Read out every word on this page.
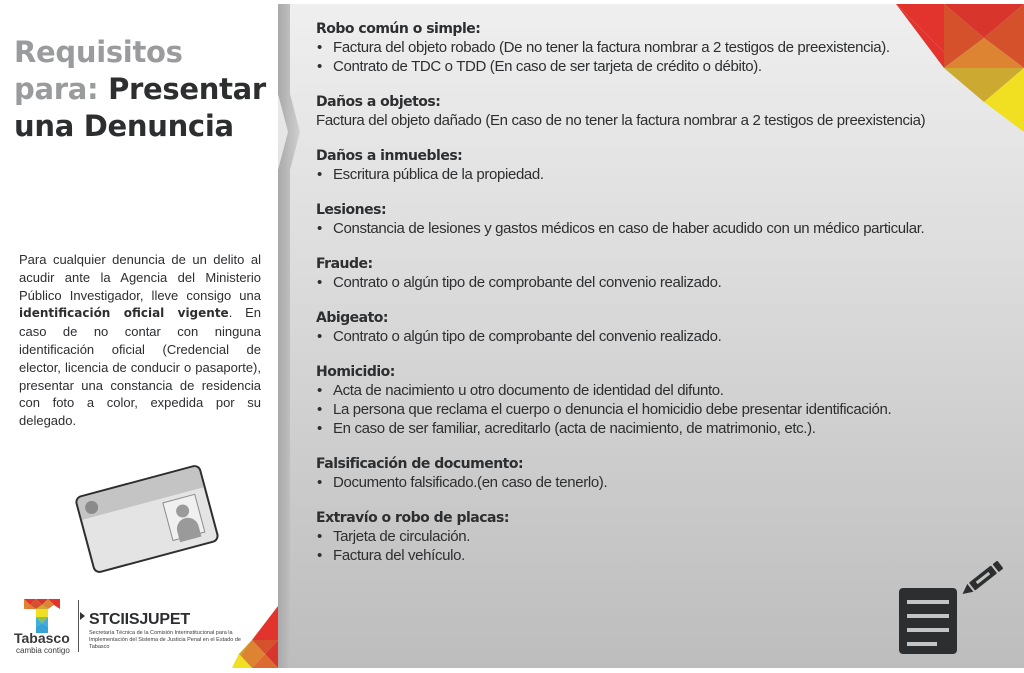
Requisitos
para: Presentar
una Denuncia
Para cualquier denuncia de un delito al acudir ante la Agencia del Ministerio Público Investigador, lleve consigo una identificación oficial vigente. En caso de no contar con ninguna identificación oficial (Credencial de elector, licencia de conducir o pasaporte), presentar una constancia de residencia con foto a color, expedida por su delegado.
Tabasco
cambia contigo
STCIISJUPET
Secretaría Técnica de la Comisión Interinstitucional para la Implementación del Sistema de Justicia Penal en el Estado de Tabasco
Robo común o simple:
• Factura del objeto robado (De no tener la factura nombrar a 2 testigos de preexistencia).
• Contrato de TDC o TDD (En caso de ser tarjeta de crédito o débito).
Daños a objetos:

Factura del objeto dañado (En caso de no tener la factura nombrar a 2 testigos de preexistencia)

Daños a inmuebles:
• Escritura pública de la propiedad.
Lesiones:
• Constancia de lesiones y gastos médicos en caso de haber acudido con un médico particular.
Fraude:
• Contrato o algún tipo de comprobante del convenio realizado.
Abigeato:
• Contrato o algún tipo de comprobante del convenio realizado.
Homicidio:
• Acta de nacimiento u otro documento de identidad del difunto.
• La persona que reclama el cuerpo o denuncia el homicidio debe presentar identificación.
• En caso de ser familiar, acreditarlo (acta de nacimiento, de matrimonio, etc.).
Falsificación de documento:
• Documento falsificado.(en caso de tenerlo).
Extravío o robo de placas:
• Tarjeta de circulación.
• Factura del vehículo.
